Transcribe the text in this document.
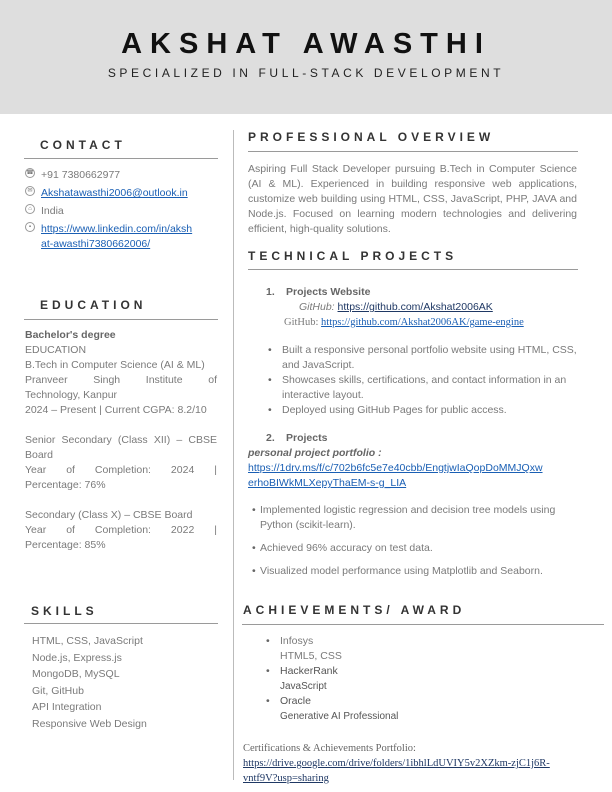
AKSHAT AWASTHI
SPECIALIZED IN FULL-STACK DEVELOPMENT
CONTACT
☎ +91 7380662977
✉ Akshatawasthi2006@outlook.in
⌂ India
▪ https://www.linkedin.com/in/aksh
at-awasthi7380662006/
EDUCATION
Bachelor's degree
EDUCATION
B.Tech in Computer Science (AI & ML)
Pranveer Singh Institute of
Technology, Kanpur
2024 – Present | Current CGPA: 8.2/10
Senior Secondary (Class XII) – CBSE Board
Year of Completion: 2024 |
Percentage: 76%
Secondary (Class X) – CBSE Board
Year of Completion: 2022 |
Percentage: 85%
SKILLS
HTML, CSS, JavaScript
Node.js, Express.js
MongoDB, MySQL
Git, GitHub
API Integration
Responsive Web Design
PROFESSIONAL OVERVIEW
Aspiring Full Stack Developer pursuing B.Tech in Computer Science (AI & ML). Experienced in building responsive web applications, customize web building using HTML, CSS, JavaScript, PHP, JAVA and Node.js. Focused on learning modern technologies and delivering efficient, high-quality solutions.
TECHNICAL PROJECTS
1. Projects Website
GitHub: https://github.com/Akshat2006AK
GitHub: https://github.com/Akshat2006AK/game-engine
• Built a responsive personal portfolio website using HTML, CSS, and JavaScript.
• Showcases skills, certifications, and contact information in an interactive layout.
• Deployed using GitHub Pages for public access.
2. Projects
personal project portfolio :
https://1drv.ms/f/c/702b6fc5e7e40cbb/EngtjwIaQopDoMMJQxw
erhoBIWkMLXepyThaEM-s-g_LIA
• Implemented logistic regression and decision tree models using Python (scikit-learn).
• Achieved 96% accuracy on test data.
• Visualized model performance using Matplotlib and Seaborn.
ACHIEVEMENTS/ AWARD
• Infosys
HTML5, CSS
• HackerRank
JavaScript
• Oracle
Generative AI Professional
Certifications & Achievements Portfolio:
https://drive.google.com/drive/folders/1ibhlLdUVIY5v2XZkm-zjC1j6R-
vntf9V?usp=sharing
